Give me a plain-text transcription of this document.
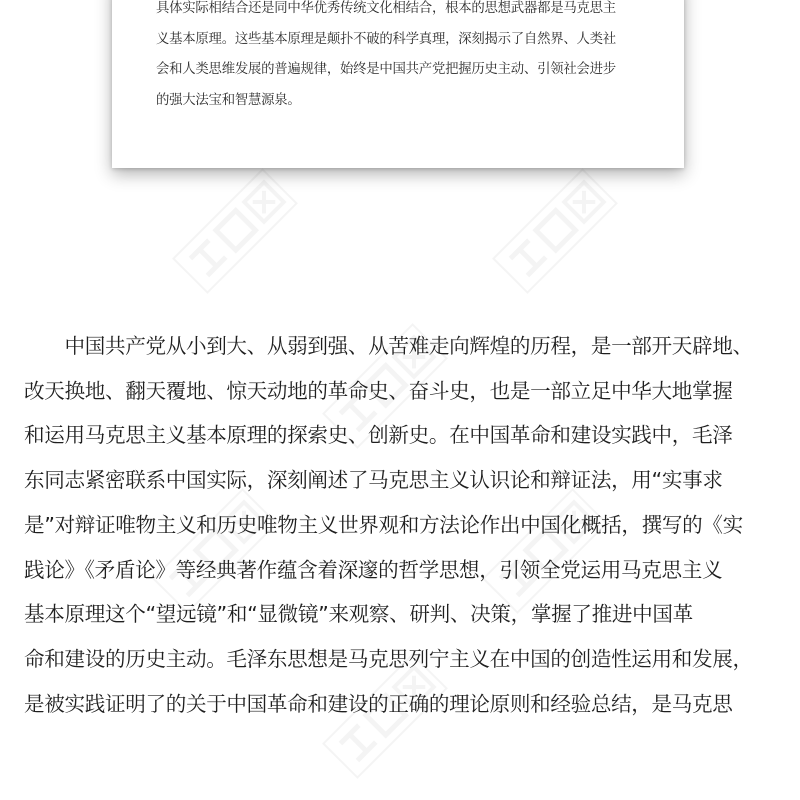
具体实际相结合还是同中华优秀传统文化相结合，根本的思想武器都是马克思主
义基本原理。这些基本原理是颠扑不破的科学真理，深刻揭示了自然界、人类社
会和人类思维发展的普遍规律，始终是中国共产党把握历史主动、引领社会进步
的强大法宝和智慧源泉。

　　中国共产党从小到大、从弱到强、从苦难走向辉煌的历程，是一部开天辟地、
改天换地、翻天覆地、惊天动地的革命史、奋斗史，也是一部立足中华大地掌握
和运用马克思主义基本原理的探索史、创新史。在中国革命和建设实践中，毛泽
东同志紧密联系中国实际，深刻阐述了马克思主义认识论和辩证法，用“实事求
是”对辩证唯物主义和历史唯物主义世界观和方法论作出中国化概括，撰写的《实
践论》《矛盾论》等经典著作蕴含着深邃的哲学思想，引领全党运用马克思主义
基本原理这个“望远镜”和“显微镜”来观察、研判、决策，掌握了推进中国革
命和建设的历史主动。毛泽东思想是马克思列宁主义在中国的创造性运用和发展，
是被实践证明了的关于中国革命和建设的正确的理论原则和经验总结，是马克思
